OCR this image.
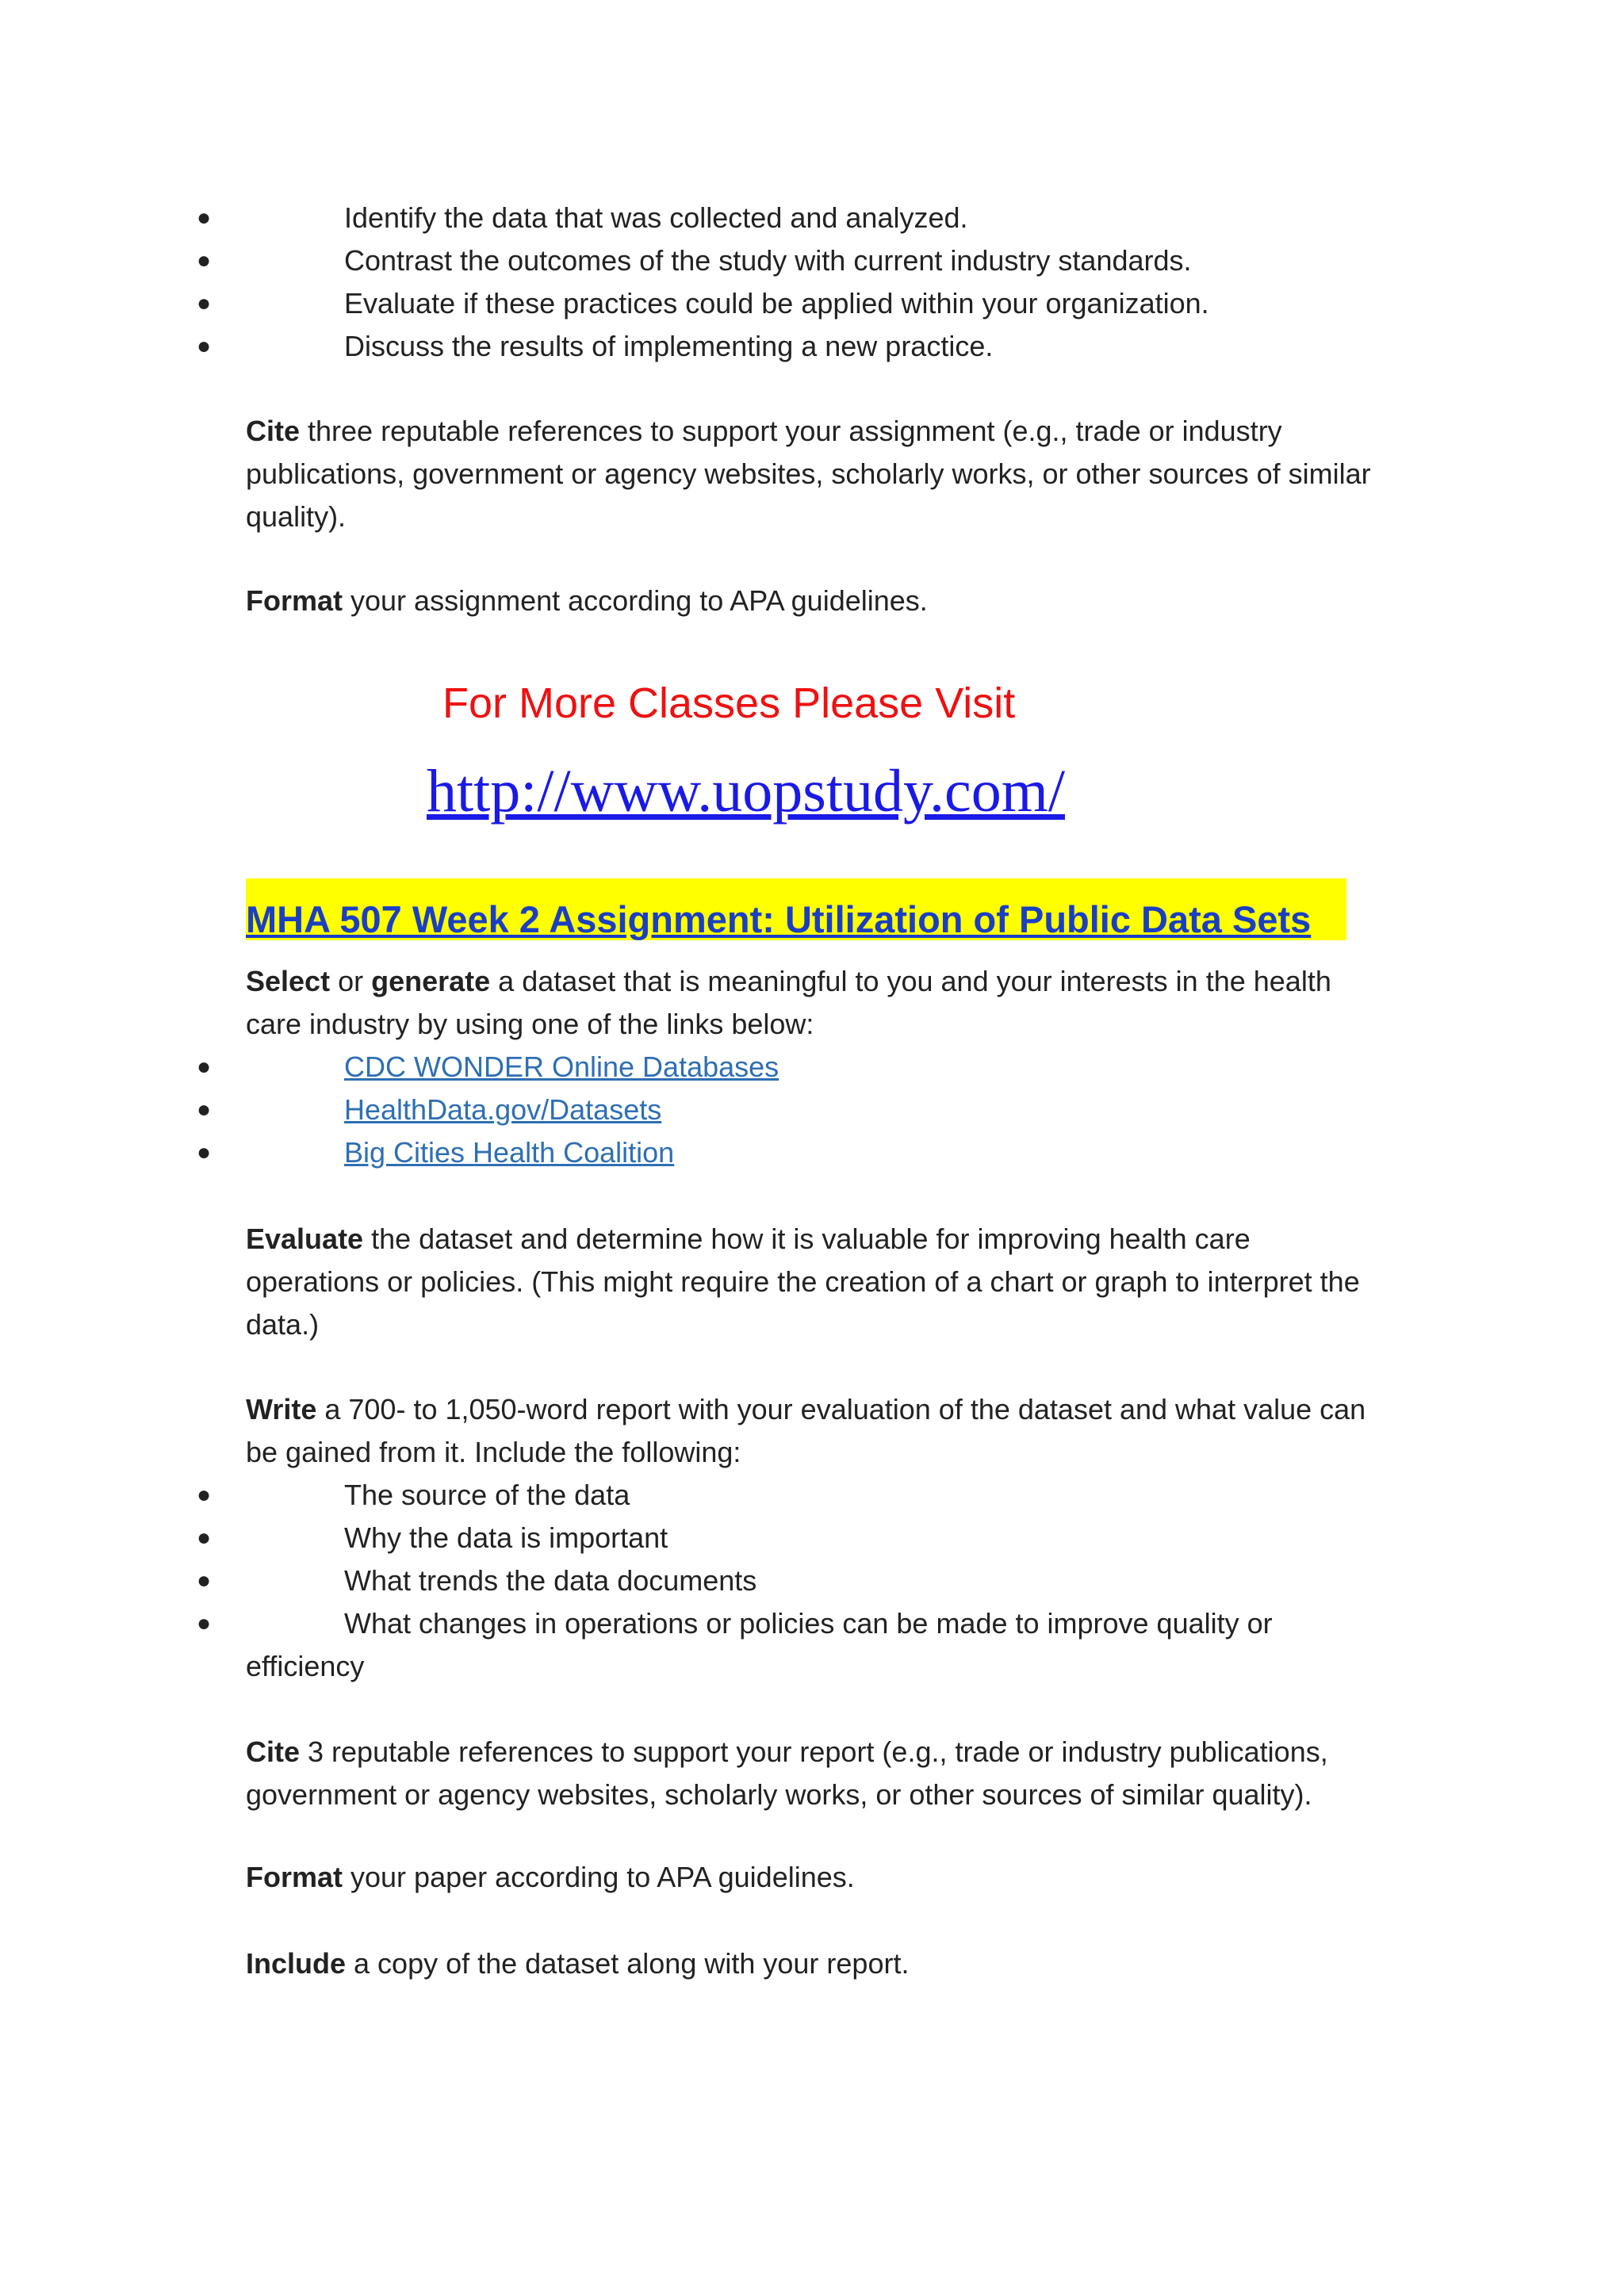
●	Identify the data that was collected and analyzed.
●	Contrast the outcomes of the study with current industry standards.
●	Evaluate if these practices could be applied within your organization.
●	Discuss the results of implementing a new practice.

Cite three reputable references to support your assignment (e.g., trade or industry publications, government or agency websites, scholarly works, or other sources of similar quality).

Format your assignment according to APA guidelines.

For More Classes Please Visit
http://www.uopstudy.com/
MHA 507 Week 2 Assignment: Utilization of Public Data Sets

Select or generate a dataset that is meaningful to you and your interests in the health care industry by using one of the links below:

●	CDC WONDER Online Databases
●	HealthData.gov/Datasets
●	Big Cities Health Coalition

Evaluate the dataset and determine how it is valuable for improving health care operations or policies. (This might require the creation of a chart or graph to interpret the data.)

Write a 700- to 1,050-word report with your evaluation of the dataset and what value can be gained from it. Include the following:

●	The source of the data
●	Why the data is important
●	What trends the data documents
●	What changes in operations or policies can be made to improve quality or
efficiency

Cite 3 reputable references to support your report (e.g., trade or industry publications, government or agency websites, scholarly works, or other sources of similar quality).

Format your paper according to APA guidelines.

Include a copy of the dataset along with your report.
